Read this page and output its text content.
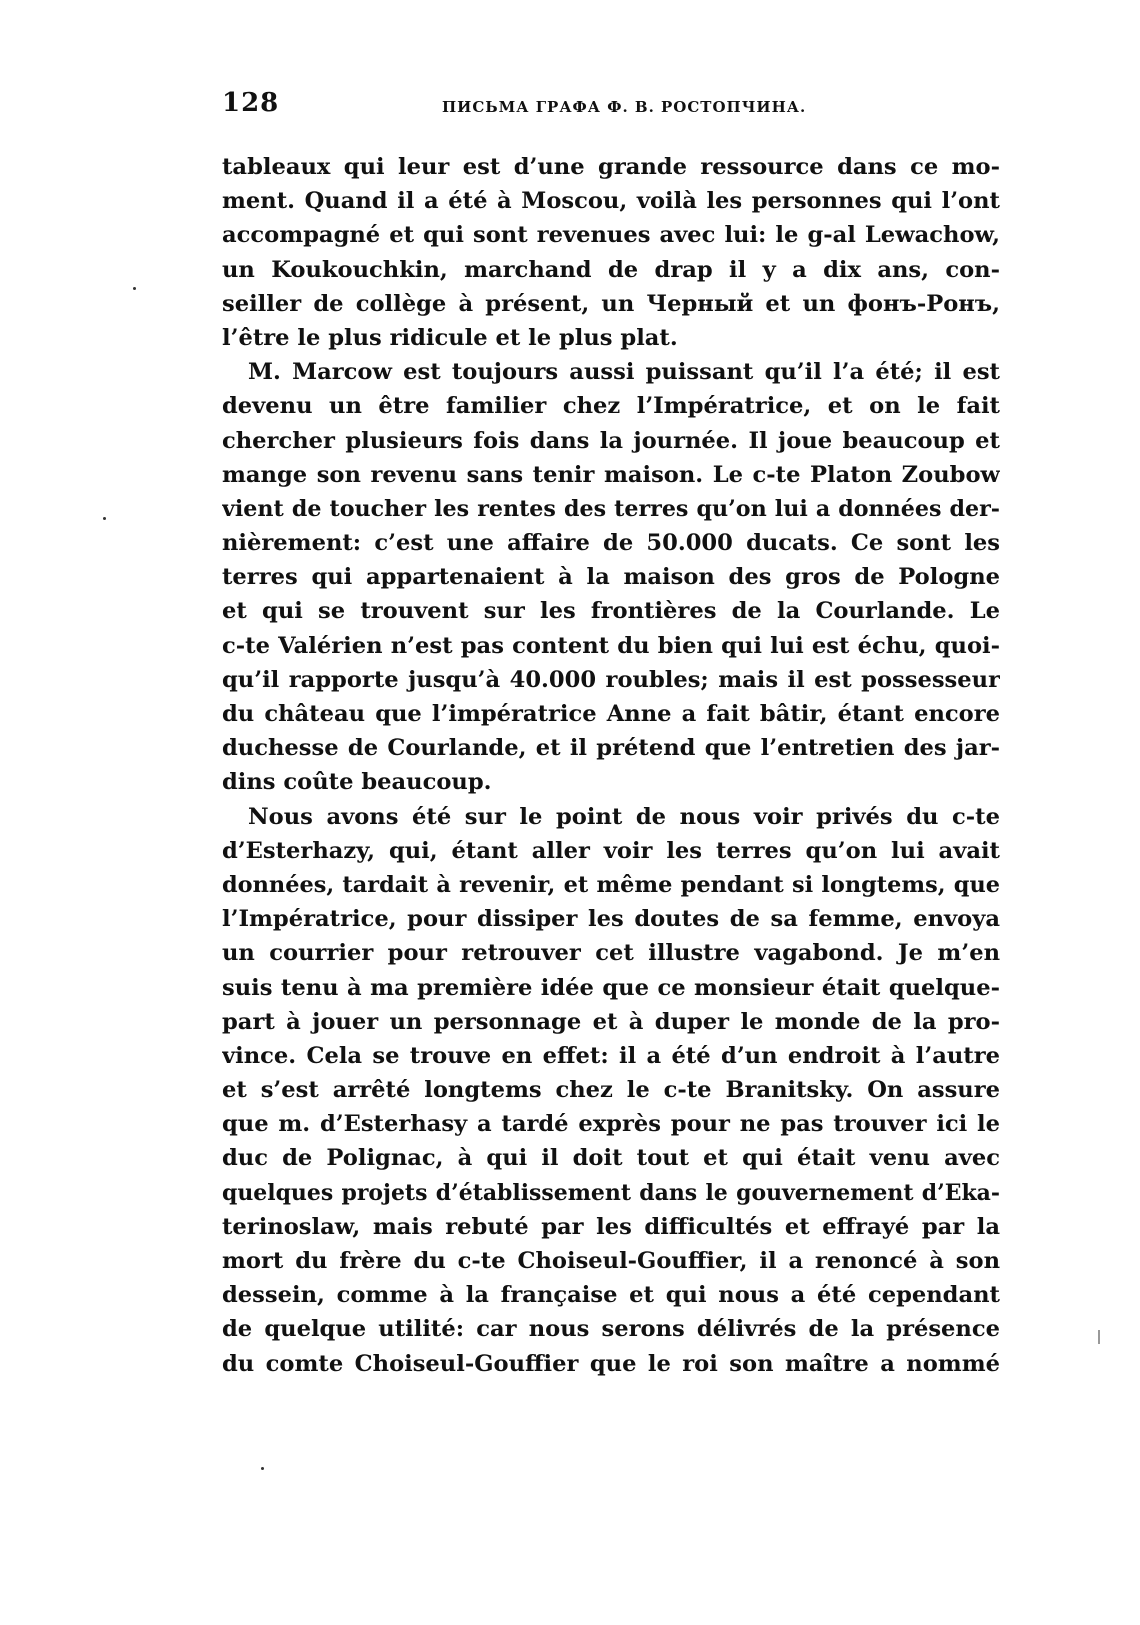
128	ПИСЬМА ГРАФА Ф. В. РОСТОПЧИНА.
tableaux qui leur est d’une grande ressource dans ce mo-
ment. Quand il a été à Moscou, voilà les personnes qui l’ont
accompagné et qui sont revenues avec lui: le g-al Lewachow,
un Koukouchkin, marchand de drap il y a dix ans, con-
seiller de collège à présent, un Черный et un фонъ-Ронъ,
l’être le plus ridicule et le plus plat.
M. Marcow est toujours aussi puissant qu’il l’a été; il est
devenu un être familier chez l’Impératrice, et on le fait
chercher plusieurs fois dans la journée. Il joue beaucoup et
mange son revenu sans tenir maison. Le c-te Platon Zoubow
vient de toucher les rentes des terres qu’on lui a données der-
nièrement: c’est une affaire de 50.000 ducats. Ce sont les
terres qui appartenaient à la maison des gros de Pologne
et qui se trouvent sur les frontières de la Courlande. Le
c-te Valérien n’est pas content du bien qui lui est échu, quoi-
qu’il rapporte jusqu’à 40.000 roubles; mais il est possesseur
du château que l’impératrice Anne a fait bâtir, étant encore
duchesse de Courlande, et il prétend que l’entretien des jar-
dins coûte beaucoup.
Nous avons été sur le point de nous voir privés du c-te
d’Esterhazy, qui, étant aller voir les terres qu’on lui avait
données, tardait à revenir, et même pendant si longtems, que
l’Impératrice, pour dissiper les doutes de sa femme, envoya
un courrier pour retrouver cet illustre vagabond. Je m’en
suis tenu à ma première idée que ce monsieur était quelque-
part à jouer un personnage et à duper le monde de la pro-
vince. Cela se trouve en effet: il a été d’un endroit à l’autre
et s’est arrêté longtems chez le c-te Branitsky. On assure
que m. d’Esterhasy a tardé exprès pour ne pas trouver ici le
duc de Polignac, à qui il doit tout et qui était venu avec
quelques projets d’établissement dans le gouvernement d’Eka-
terinoslaw, mais rebuté par les difficultés et effrayé par la
mort du frère du c-te Choiseul-Gouffier, il a renoncé à son
dessein, comme à la française et qui nous a été cependant
de quelque utilité: car nous serons délivrés de la présence
du comte Choiseul-Gouffier que le roi son maître a nommé
